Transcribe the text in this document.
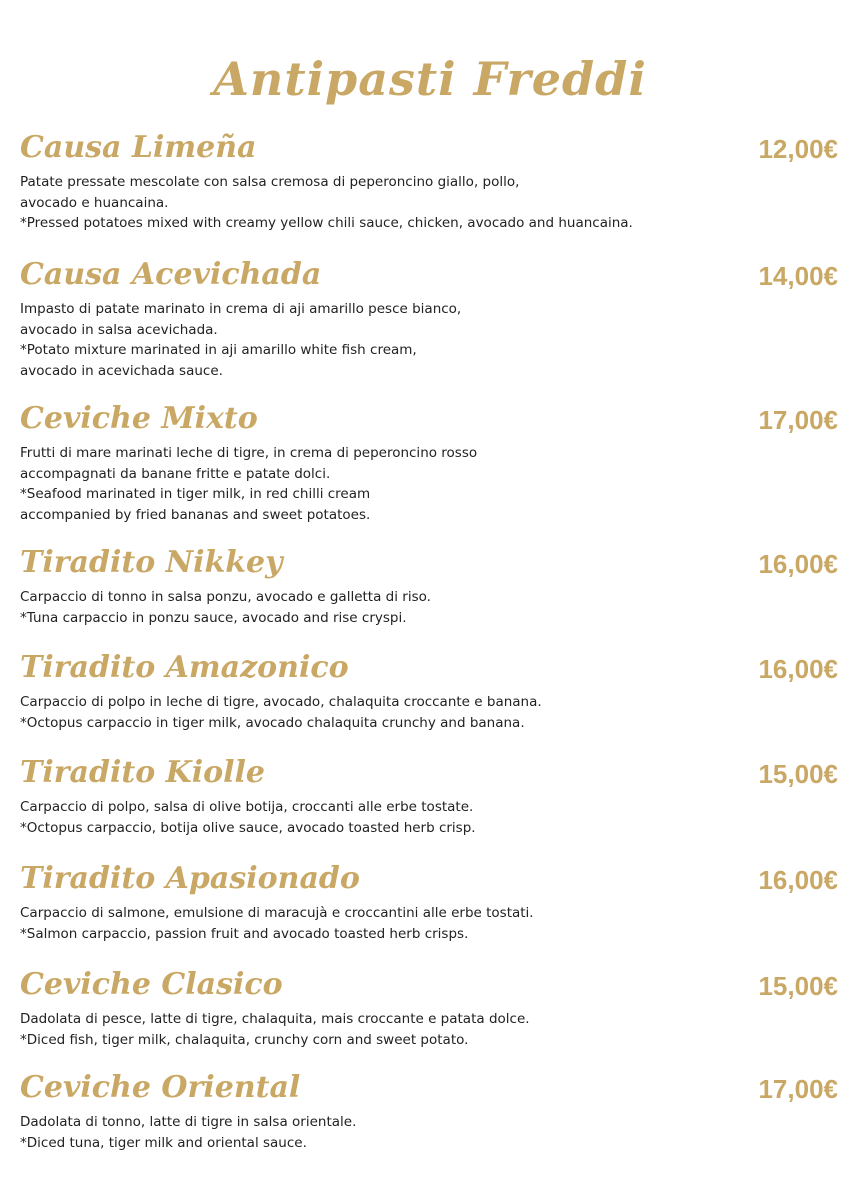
Antipasti Freddi
Causa Limeña	12,00€
Patate pressate mescolate con salsa cremosa di peperoncino giallo, pollo,
avocado e huancaina.
*Pressed potatoes mixed with creamy yellow chili sauce, chicken, avocado and huancaina.
Causa Acevichada	14,00€
Impasto di patate marinato in crema di aji amarillo pesce bianco,
avocado in salsa acevichada.
*Potato mixture marinated in aji amarillo white fish cream,
avocado in acevichada sauce.
Ceviche Mixto	17,00€
Frutti di mare marinati leche di tigre, in crema di peperoncino rosso
accompagnati da banane fritte e patate dolci.
*Seafood marinated in tiger milk, in red chilli cream
accompanied by fried bananas and sweet potatoes.
Tiradito Nikkey	16,00€
Carpaccio di tonno in salsa ponzu, avocado e galletta di riso.
*Tuna carpaccio in ponzu sauce, avocado and rise cryspi.
Tiradito Amazonico	16,00€
Carpaccio di polpo in leche di tigre, avocado, chalaquita croccante e banana.
*Octopus carpaccio in tiger milk, avocado chalaquita crunchy and banana.
Tiradito Kiolle	15,00€
Carpaccio di polpo, salsa di olive botija, croccanti alle erbe tostate.
*Octopus carpaccio, botija olive sauce, avocado toasted herb crisp.
Tiradito Apasionado	16,00€
Carpaccio di salmone, emulsione di maracujà e croccantini alle erbe tostati.
*Salmon carpaccio, passion fruit and avocado toasted herb crisps.
Ceviche Clasico	15,00€
Dadolata di pesce, latte di tigre, chalaquita, mais croccante e patata dolce.
*Diced fish, tiger milk, chalaquita, crunchy corn and sweet potato.
Ceviche Oriental	17,00€
Dadolata di tonno, latte di tigre in salsa orientale.
*Diced tuna, tiger milk and oriental sauce.
